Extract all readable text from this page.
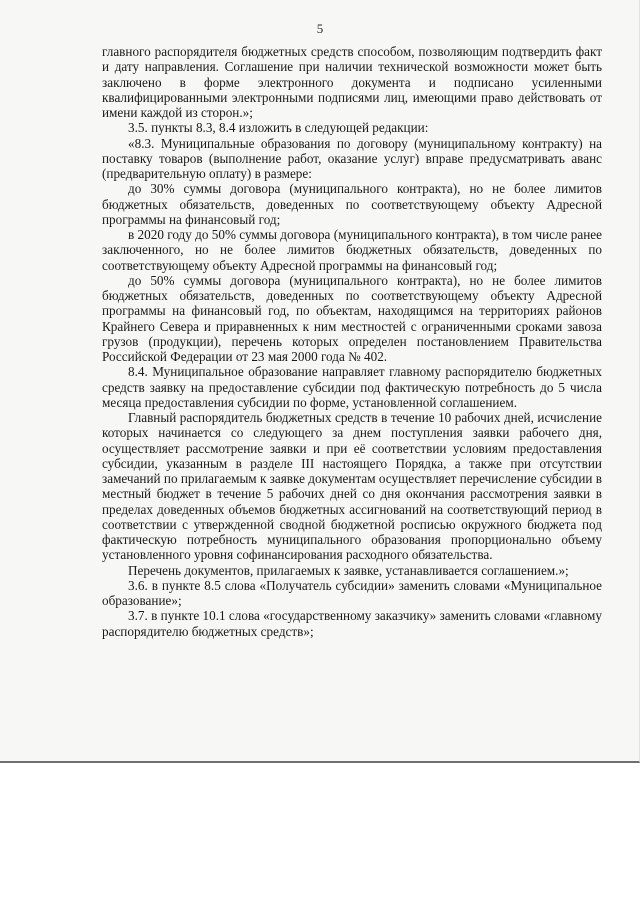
5

главного распорядителя бюджетных средств способом, позволяющим подтвердить факт и дату направления. Соглашение при наличии технической возможности может быть заключено в форме электронного документа и подписано усиленными квалифицированными электронными подписями лиц, имеющими право действовать от имени каждой из сторон.»;

3.5. пункты 8.3, 8.4 изложить в следующей редакции:

«8.3. Муниципальные образования по договору (муниципальному контракту) на поставку товаров (выполнение работ, оказание услуг) вправе предусматривать аванс (предварительную оплату) в размере:

до 30% суммы договора (муниципального контракта), но не более лимитов бюджетных обязательств, доведенных по соответствующему объекту Адресной программы на финансовый год;

в 2020 году до 50% суммы договора (муниципального контракта), в том числе ранее заключенного, но не более лимитов бюджетных обязательств, доведенных по соответствующему объекту Адресной программы на финансовый год;

до 50% суммы договора (муниципального контракта), но не более лимитов бюджетных обязательств, доведенных по соответствующему объекту Адресной программы на финансовый год, по объектам, находящимся на территориях районов Крайнего Севера и приравненных к ним местностей с ограниченными сроками завоза грузов (продукции), перечень которых определен постановлением Правительства Российской Федерации от 23 мая 2000 года № 402.

8.4. Муниципальное образование направляет главному распорядителю бюджетных средств заявку на предоставление субсидии под фактическую потребность до 5 числа месяца предоставления субсидии по форме, установленной соглашением.

Главный распорядитель бюджетных средств в течение 10 рабочих дней, исчисление которых начинается со следующего за днем поступления заявки рабочего дня, осуществляет рассмотрение заявки и при её соответствии условиям предоставления субсидии, указанным в разделе III настоящего Порядка, а также при отсутствии замечаний по прилагаемым к заявке документам осуществляет перечисление субсидии в местный бюджет в течение 5 рабочих дней со дня окончания рассмотрения заявки в пределах доведенных объемов бюджетных ассигнований на соответствующий период в соответствии с утвержденной сводной бюджетной росписью окружного бюджета под фактическую потребность муниципального образования пропорционально объему установленного уровня софинансирования расходного обязательства.

Перечень документов, прилагаемых к заявке, устанавливается соглашением.»;

3.6. в пункте 8.5 слова «Получатель субсидии» заменить словами «Муниципальное образование»;

3.7. в пункте 10.1 слова «государственному заказчику» заменить словами «главному распорядителю бюджетных средств»;
